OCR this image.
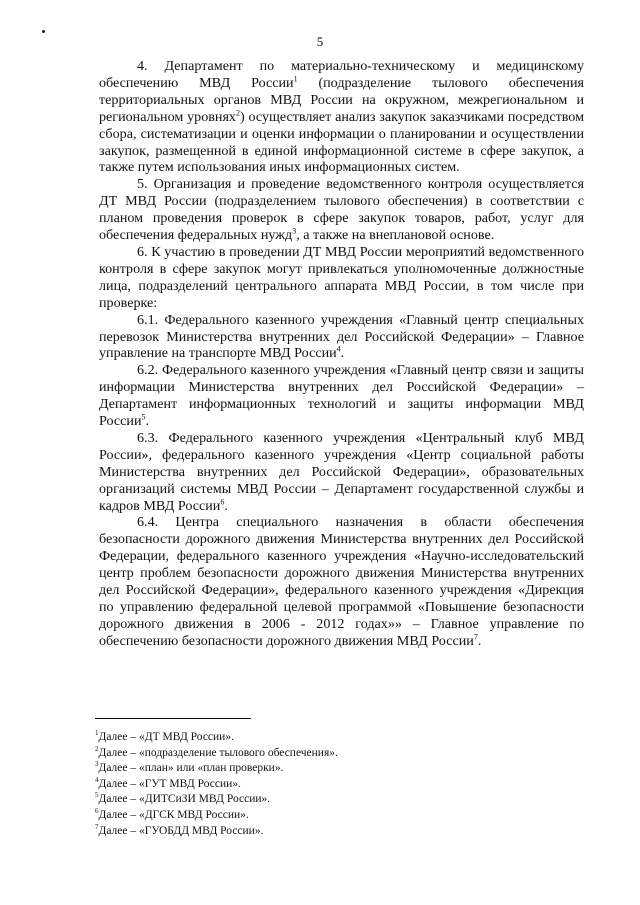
5

4. Департамент по материально-техническому и медицинскому обеспечению МВД России$^1$ (подразделение тылового обеспечения территориальных органов МВД России на окружном, межрегиональном и региональном уровнях$^2$) осуществляет анализ закупок заказчиками посредством сбора, систематизации и оценки информации о планировании и осуществлении закупок, размещенной в единой информационной системе в сфере закупок, а также путем использования иных информационных систем.

5. Организация и проведение ведомственного контроля осуществляется ДТ МВД России (подразделением тылового обеспечения) в соответствии с планом проведения проверок в сфере закупок товаров, работ, услуг для обеспечения федеральных нужд$^3$, а также на внеплановой основе.

6. К участию в проведении ДТ МВД России мероприятий ведомственного контроля в сфере закупок могут привлекаться уполномоченные должностные лица, подразделений центрального аппарата МВД России, в том числе при проверке:

6.1. Федерального казенного учреждения «Главный центр специальных перевозок Министерства внутренних дел Российской Федерации» – Главное управление на транспорте МВД России$^4$.

6.2. Федерального казенного учреждения «Главный центр связи и защиты информации Министерства внутренних дел Российской Федерации» – Департамент информационных технологий и защиты информации МВД России$^5$.

6.3. Федерального казенного учреждения «Центральный клуб МВД России», федерального казенного учреждения «Центр социальной работы Министерства внутренних дел Российской Федерации», образовательных организаций системы МВД России – Департамент государственной службы и кадров МВД России$^6$.

6.4. Центра специального назначения в области обеспечения безопасности дорожного движения Министерства внутренних дел Российской Федерации, федерального казенного учреждения «Научно-исследовательский центр проблем безопасности дорожного движения Министерства внутренних дел Российской Федерации», федерального казенного учреждения «Дирекция по управлению федеральной целевой программой «Повышение безопасности дорожного движения в 2006 - 2012 годах»» – Главное управление по обеспечению безопасности дорожного движения МВД России$^7$.

$^1$Далее – «ДТ МВД России».

$^2$Далее – «подразделение тылового обеспечения».

$^3$Далее – «план» или «план проверки».

$^4$Далее – «ГУТ МВД России».

$^5$Далее – «ДИТСиЗИ МВД России».

$^6$Далее – «ДГСК МВД России».

$^7$Далее – «ГУОБДД МВД России».
